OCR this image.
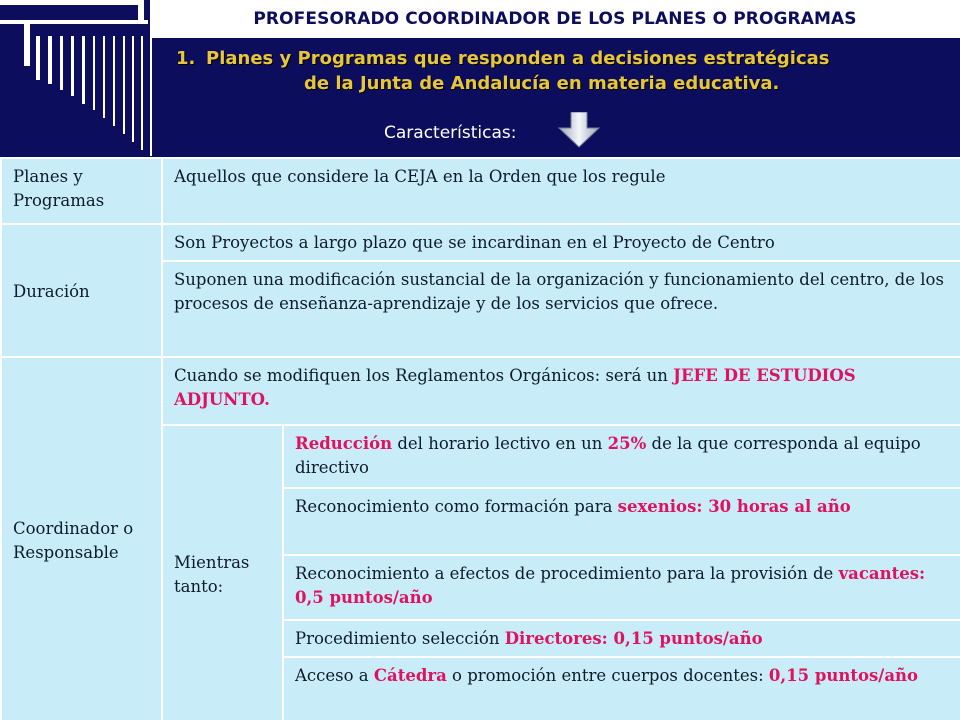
PROFESORADO COORDINADOR DE LOS PLANES O PROGRAMAS
1. Planes y Programas que responden a decisiones estratégicas
de la Junta de Andalucía en materia educativa.
Características:
Planes y Programas	Aquellos que considere la CEJA en la Orden que los regule	
Duración	Son Proyectos a largo plazo que se incardinan en el Proyecto de Centro	
	Suponen una modificación sustancial de la organización y funcionamiento del centro, de los procesos de enseñanza-aprendizaje y de los servicios que ofrece.	
Coordinador o Responsable	Cuando se modifiquen los Reglamentos Orgánicos: será un JEFE DE ESTUDIOS ADJUNTO.	
	Mientras tanto:	Reducción del horario lectivo en un 25% de la que corresponda al equipo directivo
		Reconocimiento como formación para sexenios: 30 horas al año
		Reconocimiento a efectos de procedimiento para la provisión de vacantes: 0,5 puntos/año
		Procedimiento selección Directores: 0,15 puntos/año
		Acceso a Cátedra o promoción entre cuerpos docentes: 0,15 puntos/año
